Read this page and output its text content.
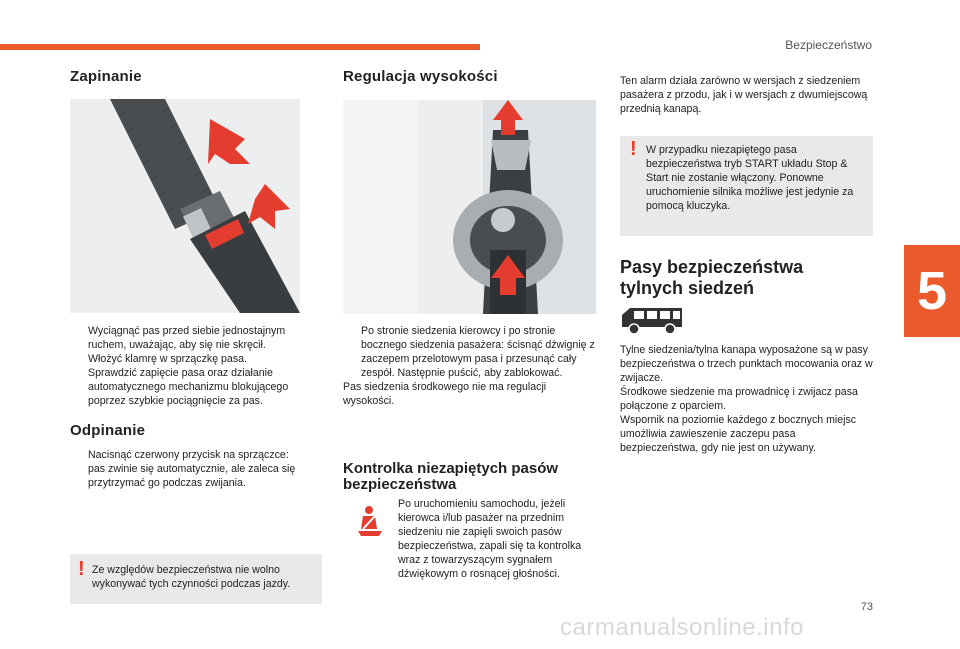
Bezpieczeństwo
5
Zapinanie
Wyciągnąć pas przed siebie jednostajnym ruchem, uważając, aby się nie skręcił.
Włożyć klamrę w sprzączkę pasa.
Sprawdzić zapięcie pasa oraz działanie automatycznego mechanizmu blokującego poprzez szybkie pociągnięcie za pas.
Odpinanie
Nacisnąć czerwony przycisk na sprzączce: pas zwinie się automatycznie, ale zaleca się przytrzymać go podczas zwijania.
! Ze względów bezpieczeństwa nie wolno wykonywać tych czynności podczas jazdy.
Regulacja wysokości
Po stronie siedzenia kierowcy i po stronie bocznego siedzenia pasażera: ścisnąć dźwignię z zaczepem przelotowym pasa i przesunąć cały zespół. Następnie puścić, aby zablokować.
Pas siedzenia środkowego nie ma regulacji wysokości.
Kontrolka niezapiętych pasów bezpieczeństwa
Po uruchomieniu samochodu, jeżeli kierowca i/lub pasażer na przednim siedzeniu nie zapięli swoich pasów bezpieczeństwa, zapali się ta kontrolka wraz z towarzyszącym sygnałem dźwiękowym o rosnącej głośności.
Ten alarm działa zarówno w wersjach z siedzeniem pasażera z przodu, jak i w wersjach z dwumiejscową przednią kanapą.
! W przypadku niezapiętego pasa bezpieczeństwa tryb START układu Stop & Start nie zostanie włączony. Ponowne uruchomienie silnika możliwe jest jedynie za pomocą kluczyka.
Pasy bezpieczeństwa tylnych siedzeń
Tylne siedzenia/tylna kanapa wyposażone są w pasy bezpieczeństwa o trzech punktach mocowania oraz w zwijacze.
Środkowe siedzenie ma prowadnicę i zwijacz pasa połączone z oparciem.
Wspornik na poziomie każdego z bocznych miejsc umożliwia zawieszenie zaczepu pasa bezpieczeństwa, gdy nie jest on używany.
73
carmanualsonline.info
